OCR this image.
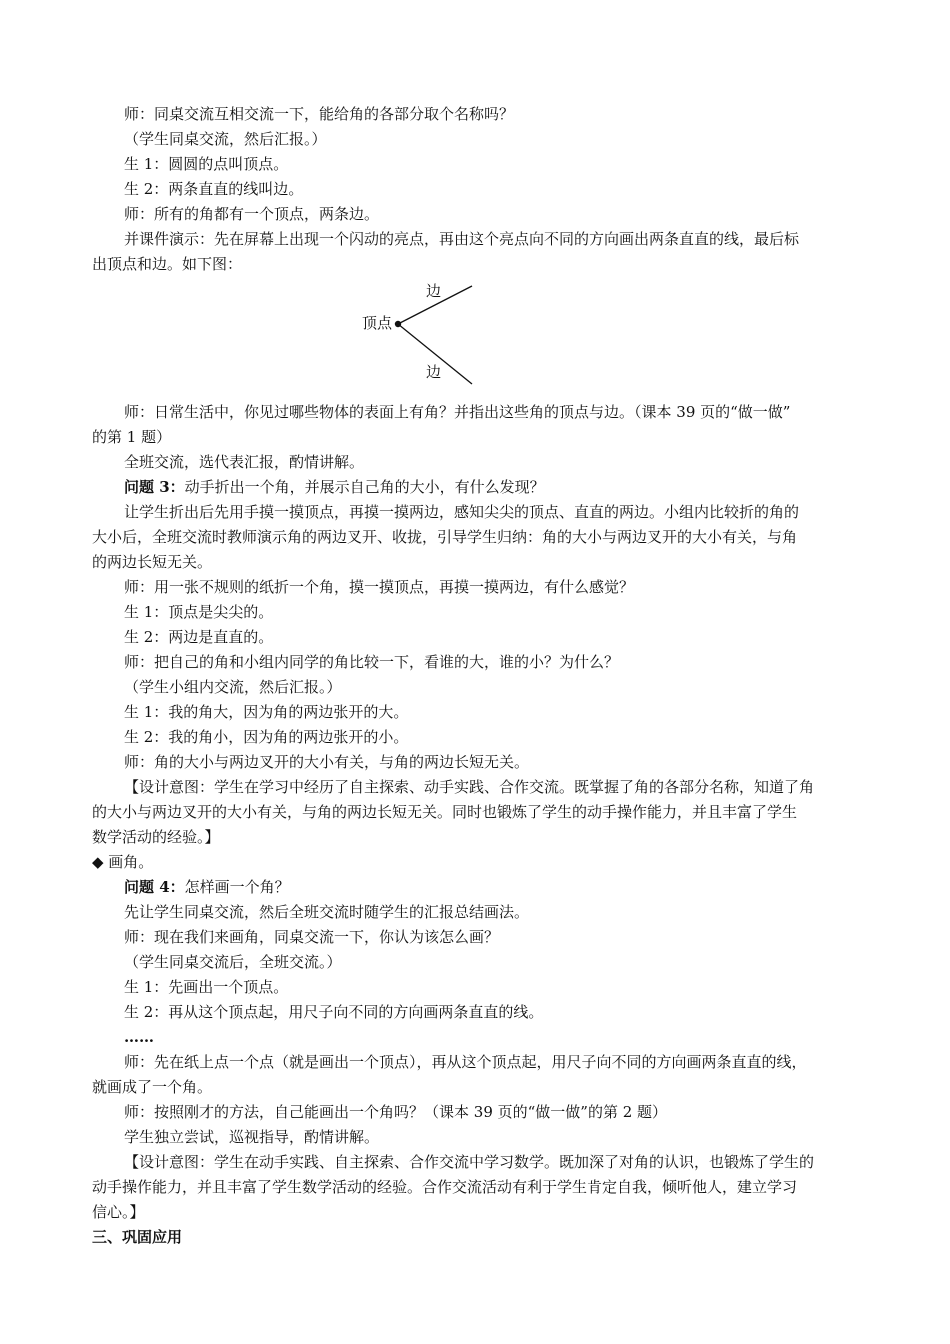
师：同桌交流互相交流一下，能给角的各部分取个名称吗？
（学生同桌交流，然后汇报。）
生 1：圆圆的点叫顶点。
生 2：两条直直的线叫边。
师：所有的角都有一个顶点，两条边。
并课件演示：先在屏幕上出现一个闪动的亮点，再由这个亮点向不同的方向画出两条直直的线，最后标
出顶点和边。如下图：
边
顶点
边
师：日常生活中，你见过哪些物体的表面上有角？并指出这些角的顶点与边。（课本 39 页的“做一做”
的第 1 题）
全班交流，选代表汇报，酌情讲解。
问题 3：动手折出一个角，并展示自己角的大小，有什么发现？
让学生折出后先用手摸一摸顶点，再摸一摸两边，感知尖尖的顶点、直直的两边。小组内比较折的角的
大小后，全班交流时教师演示角的两边叉开、收拢，引导学生归纳：角的大小与两边叉开的大小有关，与角
的两边长短无关。
师：用一张不规则的纸折一个角，摸一摸顶点，再摸一摸两边，有什么感觉？
生 1：顶点是尖尖的。
生 2：两边是直直的。
师：把自己的角和小组内同学的角比较一下，看谁的大，谁的小？为什么？
（学生小组内交流，然后汇报。）
生 1：我的角大，因为角的两边张开的大。
生 2：我的角小，因为角的两边张开的小。
师：角的大小与两边叉开的大小有关，与角的两边长短无关。
【设计意图：学生在学习中经历了自主探索、动手实践、合作交流。既掌握了角的各部分名称，知道了角
的大小与两边叉开的大小有关，与角的两边长短无关。同时也锻炼了学生的动手操作能力，并且丰富了学生
数学活动的经验。】
◆ 画角。
问题 4：怎样画一个角？
先让学生同桌交流，然后全班交流时随学生的汇报总结画法。
师：现在我们来画角，同桌交流一下，你认为该怎么画？
（学生同桌交流后，全班交流。）
生 1：先画出一个顶点。
生 2：再从这个顶点起，用尺子向不同的方向画两条直直的线。
……
师：先在纸上点一个点（就是画出一个顶点），再从这个顶点起，用尺子向不同的方向画两条直直的线，
就画成了一个角。
师：按照刚才的方法，自己能画出一个角吗？（课本 39 页的“做一做”的第 2 题）
学生独立尝试，巡视指导，酌情讲解。
【设计意图：学生在动手实践、自主探索、合作交流中学习数学。既加深了对角的认识，也锻炼了学生的
动手操作能力，并且丰富了学生数学活动的经验。合作交流活动有利于学生肯定自我，倾听他人，建立学习
信心。】
三、巩固应用
